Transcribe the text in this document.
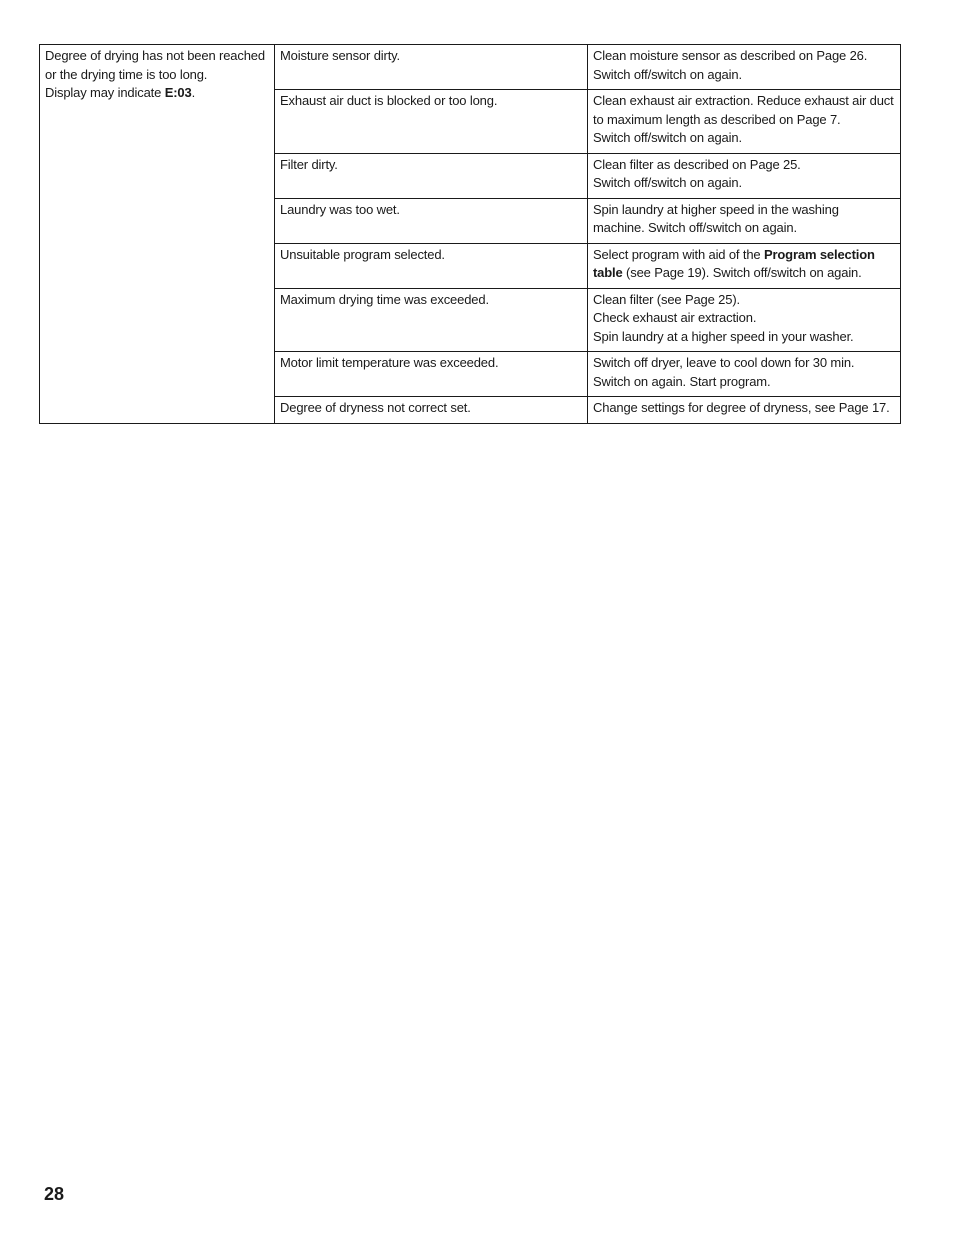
Degree of drying has not been reached
or the drying time is too long.
Display may indicate E:03.	Moisture sensor dirty.	Clean moisture sensor as described on Page 26.
Switch off/switch on again.

	Exhaust air duct is blocked or too long.	Clean exhaust air extraction. Reduce exhaust air duct
to maximum length as described on Page 7.
Switch off/switch on again.

	Filter dirty.	Clean filter as described on Page 25.
Switch off/switch on again.

	Laundry was too wet.	Spin laundry at higher speed in the washing
machine. Switch off/switch on again.

	Unsuitable program selected.	Select program with aid of the Program selection
table (see Page 19). Switch off/switch on again.

	Maximum drying time was exceeded.	Clean filter (see Page 25).
Check exhaust air extraction.
Spin laundry at a higher speed in your washer.

	Motor limit temperature was exceeded.	Switch off dryer, leave to cool down for 30 min.
Switch on again. Start program.

	Degree of dryness not correct set.	Change settings for degree of dryness, see Page 17.
28
